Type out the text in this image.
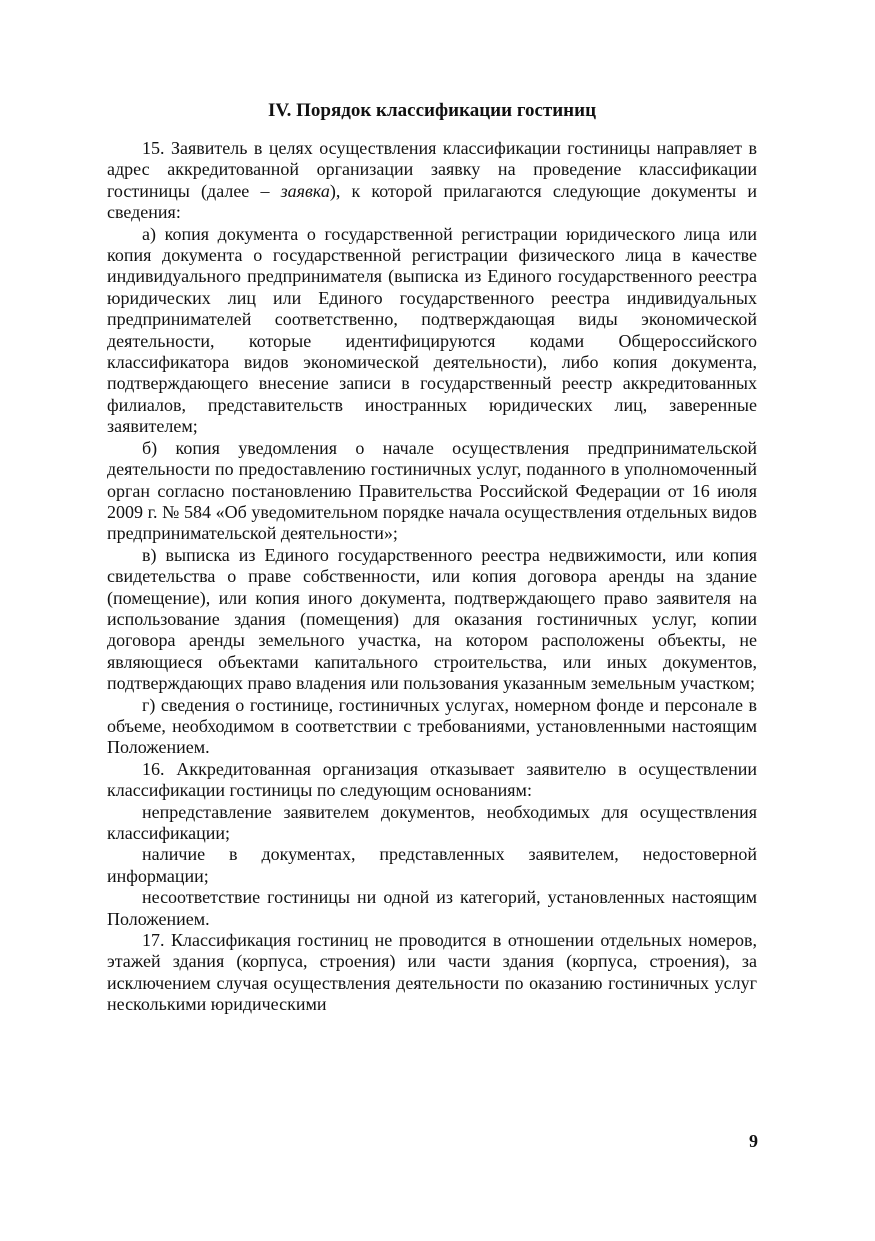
IV. Порядок классификации гостиниц

15. Заявитель в целях осуществления классификации гостиницы направляет в адрес аккредитованной организации заявку на проведение классификации гостиницы (далее – заявка), к которой прилагаются следующие документы и сведения:

а) копия документа о государственной регистрации юридического лица или копия документа о государственной регистрации физического лица в качестве индивидуального предпринимателя (выписка из Единого государственного реестра юридических лиц или Единого государственного реестра индивидуальных предпринимателей соответственно, подтверждающая виды экономической деятельности, которые идентифицируются кодами Общероссийского классификатора видов экономической деятельности), либо копия документа, подтверждающего внесение записи в государственный реестр аккредитованных филиалов, представительств иностранных юридических лиц, заверенные заявителем;

б) копия уведомления о начале осуществления предпринимательской деятельности по предоставлению гостиничных услуг, поданного в уполномоченный орган согласно постановлению Правительства Российской Федерации от 16 июля 2009 г. № 584 «Об уведомительном порядке начала осуществления отдельных видов предпринимательской деятельности»;

в) выписка из Единого государственного реестра недвижимости, или копия свидетельства о праве собственности, или копия договора аренды на здание (помещение), или копия иного документа, подтверждающего право заявителя на использование здания (помещения) для оказания гостиничных услуг, копии договора аренды земельного участка, на котором расположены объекты, не являющиеся объектами капитального строительства, или иных документов, подтверждающих право владения или пользования указанным земельным участком;

г) сведения о гостинице, гостиничных услугах, номерном фонде и персонале в объеме, необходимом в соответствии с требованиями, установленными настоящим Положением.

16. Аккредитованная организация отказывает заявителю в осуществлении классификации гостиницы по следующим основаниям:

непредставление заявителем документов, необходимых для осуществления классификации;

наличие в документах, представленных заявителем, недостоверной информации;

несоответствие гостиницы ни одной из категорий, установленных настоящим Положением.

17. Классификация гостиниц не проводится в отношении отдельных номеров, этажей здания (корпуса, строения) или части здания (корпуса, строения), за исключением случая осуществления деятельности по оказанию гостиничных услуг несколькими юридическими

9
